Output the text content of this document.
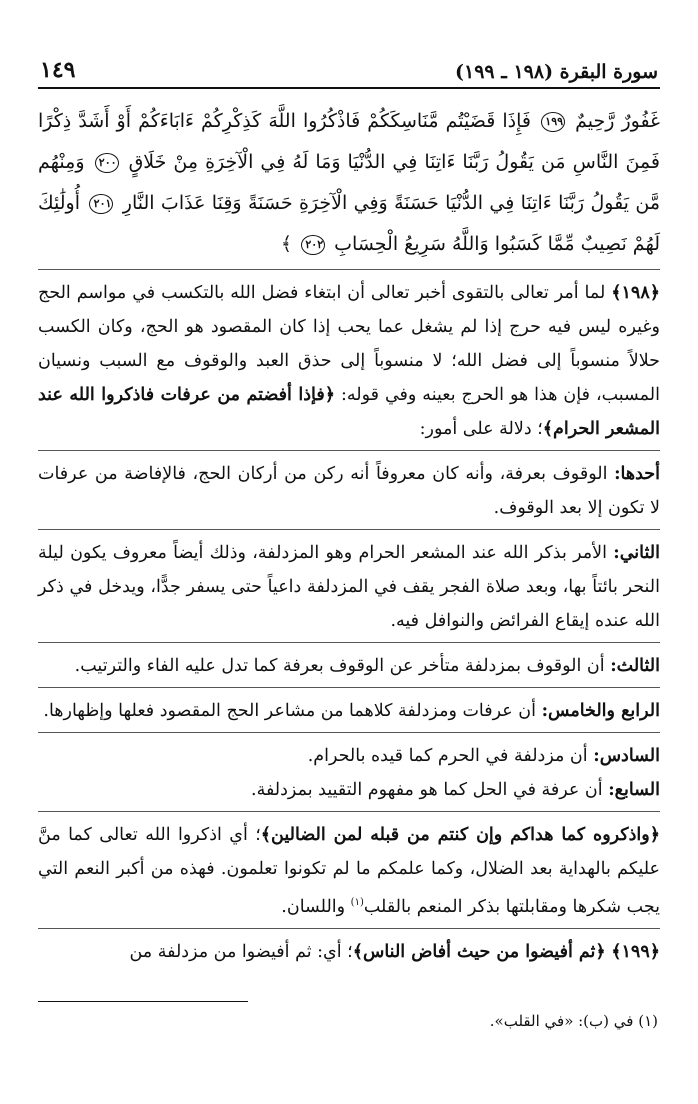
سورة البقرة (١٩٨ ـ ١٩٩)
١٤٩
غَفُورٌ رَّحِيمٌ ١٩٩ فَإِذَا قَضَيْتُم مَّنَاسِكَكُمْ فَاذْكُرُوا اللَّهَ كَذِكْرِكُمْ ءَابَاءَكُمْ أَوْ أَشَدَّ ذِكْرًا فَمِنَ النَّاسِ مَن يَقُولُ رَبَّنَا ءَاتِنَا فِي الدُّنْيَا وَمَا لَهُ فِي الْآخِرَةِ مِنْ خَلَاقٍ ٢٠٠ وَمِنْهُم مَّن يَقُولُ رَبَّنَا ءَاتِنَا فِي الدُّنْيَا حَسَنَةً وَفِي الْآخِرَةِ حَسَنَةً وَقِنَا عَذَابَ النَّارِ ٢٠١ أُولَٰئِكَ لَهُمْ نَصِيبٌ مِّمَّا كَسَبُوا وَاللَّهُ سَرِيعُ الْحِسَابِ ٢٠٢ ﴾

﴿١٩٨﴾ لما أمر تعالى بالتقوى أخبر تعالى أن ابتغاء فضل الله بالتكسب في مواسم الحج وغيره ليس فيه حرج إذا لم يشغل عما يحب إذا كان المقصود هو الحج، وكان الكسب حلالاً منسوباً إلى فضل الله؛ لا منسوباً إلى حذق العبد والوقوف مع السبب ونسيان المسبب، فإن هذا هو الحرج بعينه وفي قوله: ﴿فإذا أفضتم من عرفات فاذكروا الله عند المشعر الحرام﴾؛ دلالة على أمور:

أحدها: الوقوف بعرفة، وأنه كان معروفاً أنه ركن من أركان الحج، فالإفاضة من عرفات لا تكون إلا بعد الوقوف.

الثاني: الأمر بذكر الله عند المشعر الحرام وهو المزدلفة، وذلك أيضاً معروف يكون ليلة النحر بائتاً بها، وبعد صلاة الفجر يقف في المزدلفة داعياً حتى يسفر جدًّا، ويدخل في ذكر الله عنده إيقاع الفرائض والنوافل فيه.

الثالث: أن الوقوف بمزدلفة متأخر عن الوقوف بعرفة كما تدل عليه الفاء والترتيب.

الرابع والخامس: أن عرفات ومزدلفة كلاهما من مشاعر الحج المقصود فعلها وإظهارها.

السادس: أن مزدلفة في الحرم كما قيده بالحرام.

السابع: أن عرفة في الحل كما هو مفهوم التقييد بمزدلفة.

﴿واذكروه كما هداكم وإن كنتم من قبله لمن الضالين﴾؛ أي اذكروا الله تعالى كما منَّ عليكم بالهداية بعد الضلال، وكما علمكم ما لم تكونوا تعلمون. فهذه من أكبر النعم التي يجب شكرها ومقابلتها بذكر المنعم بالقلب$^{(١)}$ واللسان.

﴿١٩٩﴾ ﴿ثم أفيضوا من حيث أفاض الناس﴾؛ أي: ثم أفيضوا من مزدلفة من

(١) في (ب): «في القلب».
